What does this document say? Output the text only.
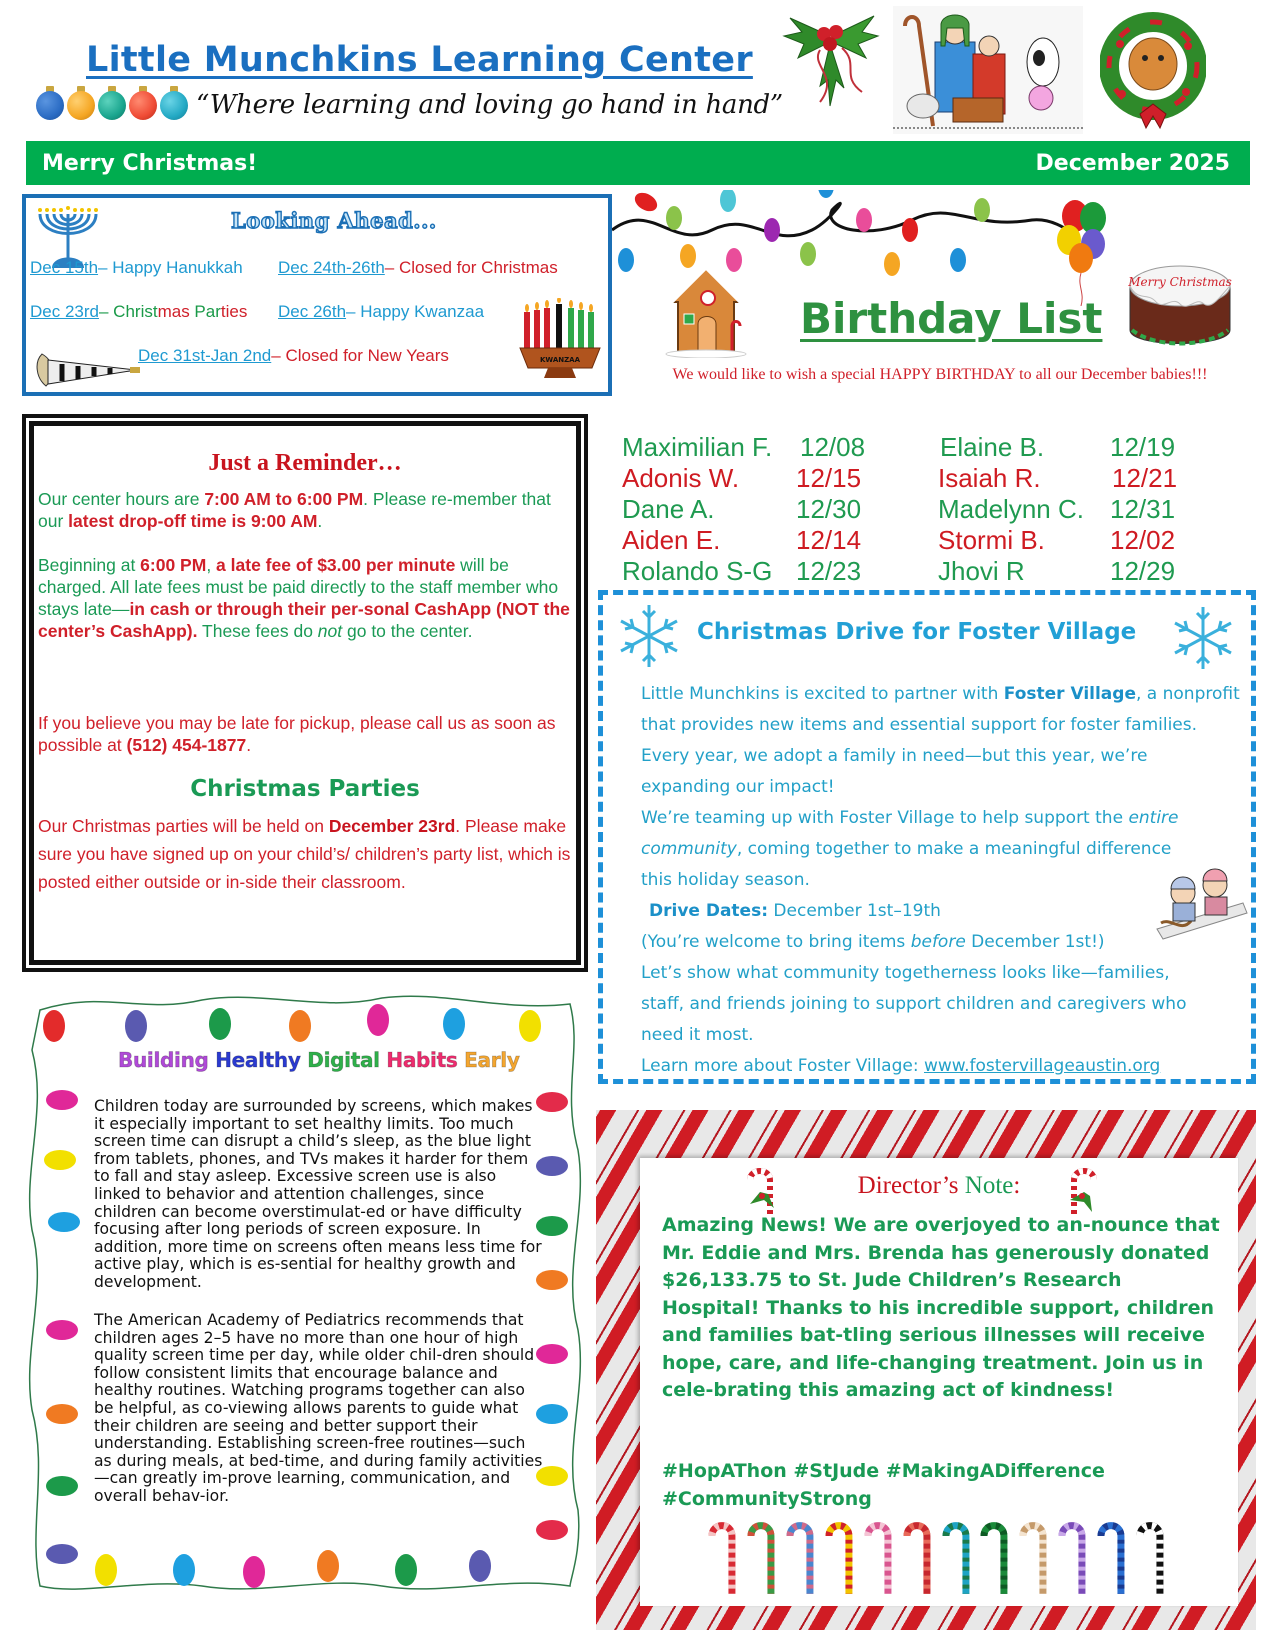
Little Munchkins Learning Center
“Where learning and loving go hand in hand”
Merry Christmas!	December 2025
Looking Ahead...
Dec 15th– Happy Hanukkah Dec 24th-26th– Closed for Christmas
Dec 23rd– Christmas Parties Dec 26th– Happy Kwanzaa
Dec 31st-Jan 2nd– Closed for New Years	KWANZAA
Merry Christmas
Birthday List
We would like to wish a special HAPPY BIRTHDAY to all our December babies!!!
Maximilian F. 12/08	Elaine B.	12/19
Adonis W. 12/15	Isaiah R.	12/21
Dane A.	12/30	Madelynn C. 12/31
Aiden E.	12/14	Stormi B.	12/02
Rolando S-G 12/23	Jhovi R	12/29
Just a Reminder…
Our center hours are 7:00 AM to 6:00 PM. Please re-member that our latest drop-off time is 9:00 AM.
Beginning at 6:00 PM, a late fee of $3.00 per minute will be charged. All late fees must be paid directly to the staff member who stays late—in cash or through their per-sonal CashApp (NOT the center’s CashApp). These fees do not go to the center.
If you believe you may be late for pickup, please call us as soon as possible at (512) 454-1877.
Christmas Parties
Our Christmas parties will be held on December 23rd. Please make sure you have signed up on your child’s/ children’s party list, which is posted either outside or in-side their classroom.
Christmas Drive for Foster Village
Little Munchkins is excited to partner with Foster Village, a nonprofit that provides new items and essential support for foster families. Every year, we adopt a family in need—but this year, we’re expanding our impact!
We’re teaming up with Foster Village to help support the entire community, coming together to make a meaningful difference this holiday season.
Drive Dates: December 1st–19th
(You’re welcome to bring items before December 1st!)
Let’s show what community togetherness looks like—families, staff, and friends joining to support children and caregivers who need it most.
Learn more about Foster Village: www.fostervillageaustin.org
Building Healthy Digital Habits Early
Children today are surrounded by screens, which makes it especially important to set healthy limits. Too much screen time can disrupt a child’s sleep, as the blue light from tablets, phones, and TVs makes it harder for them to fall and stay asleep. Excessive screen use is also linked to behavior and attention challenges, since children can become overstimulat-ed or have difficulty focusing after long periods of screen exposure. In addition, more time on screens often means less time for active play, which is es-sential for healthy growth and development.
The American Academy of Pediatrics recommends that children ages 2–5 have no more than one hour of high quality screen time per day, while older chil-dren should follow consistent limits that encourage balance and healthy routines. Watching programs together can also be helpful, as co-viewing allows parents to guide what their children are seeing and better support their understanding. Establishing screen-free routines—such as during meals, at bed-time, and during family activities—can greatly im-prove learning, communication, and overall behav-ior.
Director’s Note:
Amazing News! We are overjoyed to an-nounce that Mr. Eddie and Mrs. Brenda has generously donated $26,133.75 to St. Jude Children’s Research Hospital! Thanks to his incredible support, children and families bat-tling serious illnesses will receive hope, care, and life-changing treatment. Join us in cele-brating this amazing act of kindness!
#HopAThon #StJude #MakingADifference #CommunityStrong
